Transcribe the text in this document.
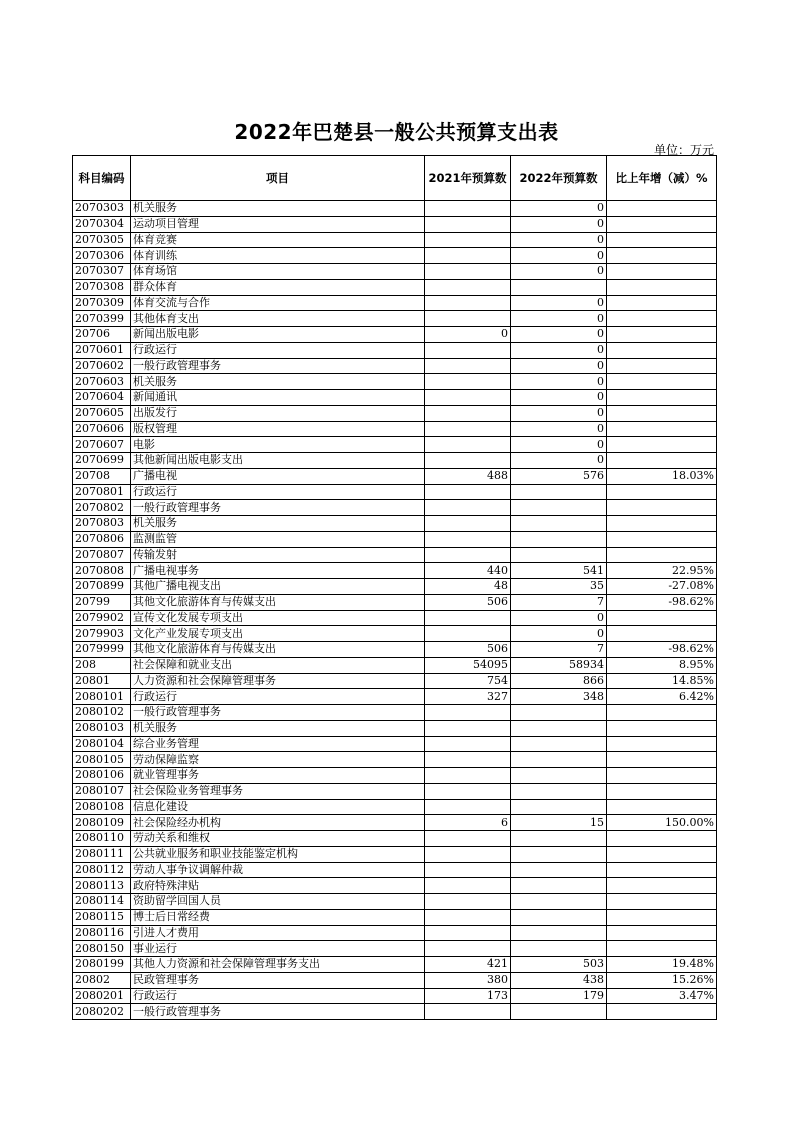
2022年巴楚县一般公共预算支出表
单位：万元
科目编码	项目	2021年预算数	2022年预算数	比上年增（减）%
2070303	机关服务		0	
2070304	运动项目管理		0	
2070305	体育竞赛		0	
2070306	体育训练		0	
2070307	体育场馆		0	
2070308	群众体育			
2070309	体育交流与合作		0	
2070399	其他体育支出		0	
20706	新闻出版电影	0	0	
2070601	行政运行		0	
2070602	一般行政管理事务		0	
2070603	机关服务		0	
2070604	新闻通讯		0	
2070605	出版发行		0	
2070606	版权管理		0	
2070607	电影		0	
2070699	其他新闻出版电影支出		0	
20708	广播电视	488	576	18.03%
2070801	行政运行			
2070802	一般行政管理事务			
2070803	机关服务			
2070806	监测监管			
2070807	传输发射			
2070808	广播电视事务	440	541	22.95%
2070899	其他广播电视支出	48	35	-27.08%
20799	其他文化旅游体育与传媒支出	506	7	-98.62%
2079902	宣传文化发展专项支出		0	
2079903	文化产业发展专项支出		0	
2079999	其他文化旅游体育与传媒支出	506	7	-98.62%
208	社会保障和就业支出	54095	58934	8.95%
20801	人力资源和社会保障管理事务	754	866	14.85%
2080101	行政运行	327	348	6.42%
2080102	一般行政管理事务			
2080103	机关服务			
2080104	综合业务管理			
2080105	劳动保障监察			
2080106	就业管理事务			
2080107	社会保险业务管理事务			
2080108	信息化建设			
2080109	社会保险经办机构	6	15	150.00%
2080110	劳动关系和维权			
2080111	公共就业服务和职业技能鉴定机构			
2080112	劳动人事争议调解仲裁			
2080113	政府特殊津贴			
2080114	资助留学回国人员			
2080115	博士后日常经费			
2080116	引进人才费用			
2080150	事业运行			
2080199	其他人力资源和社会保障管理事务支出	421	503	19.48%
20802	民政管理事务	380	438	15.26%
2080201	行政运行	173	179	3.47%
2080202	一般行政管理事务			
